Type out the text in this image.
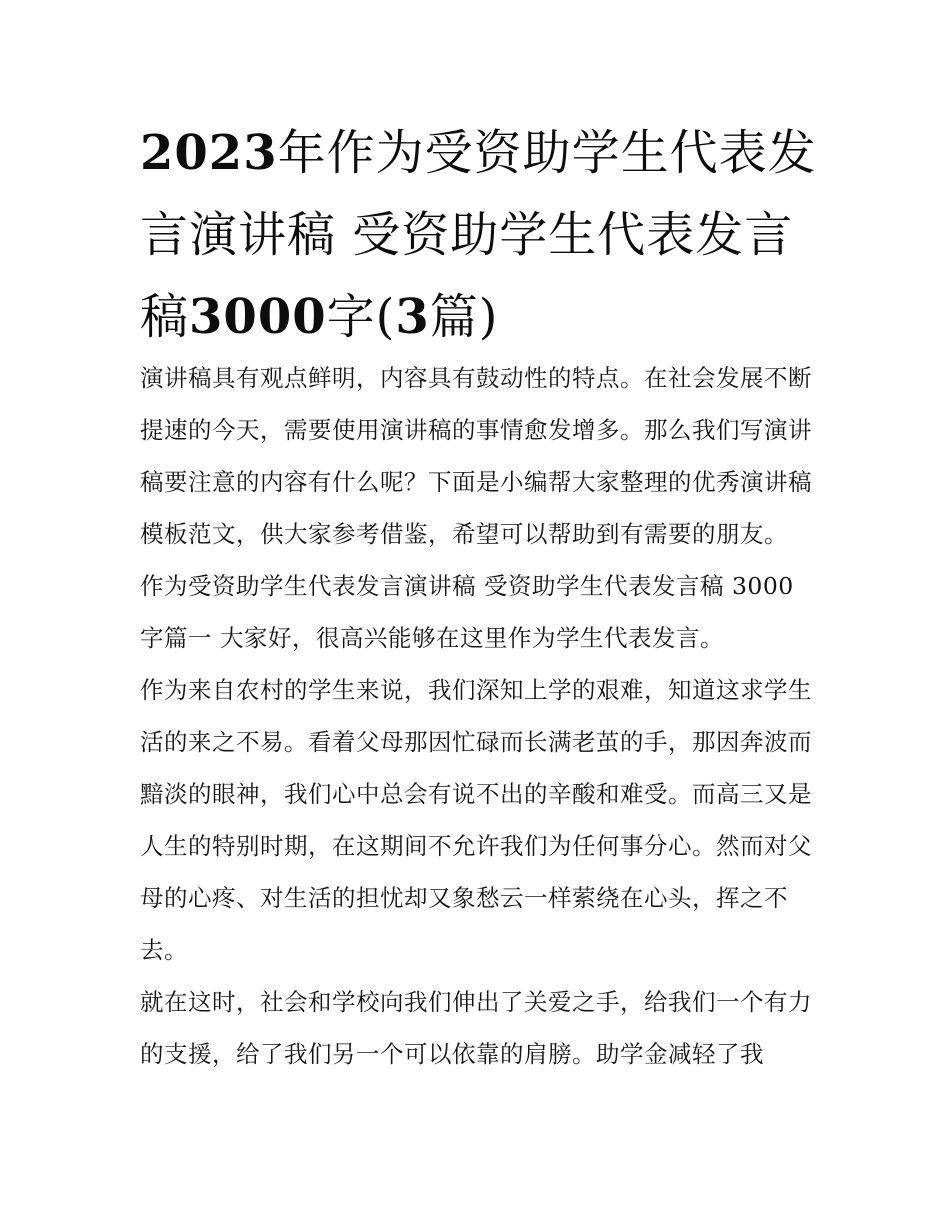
2023年作为受资助学生代表发言演讲稿 受资助学生代表发言稿3000字(3篇)

演讲稿具有观点鲜明，内容具有鼓动性的特点。在社会发展不断提速的今天，需要使用演讲稿的事情愈发增多。那么我们写演讲稿要注意的内容有什么呢？下面是小编帮大家整理的优秀演讲稿模板范文，供大家参考借鉴，希望可以帮助到有需要的朋友。

作为受资助学生代表发言演讲稿 受资助学生代表发言稿 3000 字篇一 大家好，很高兴能够在这里作为学生代表发言。

作为来自农村的学生来说，我们深知上学的艰难，知道这求学生活的来之不易。看着父母那因忙碌而长满老茧的手，那因奔波而黯淡的眼神，我们心中总会有说不出的辛酸和难受。而高三又是人生的特别时期，在这期间不允许我们为任何事分心。然而对父母的心疼、对生活的担忧却又象愁云一样萦绕在心头，挥之不去。

就在这时，社会和学校向我们伸出了关爱之手，给我们一个有力的支援，给了我们另一个可以依靠的肩膀。助学金减轻了我
